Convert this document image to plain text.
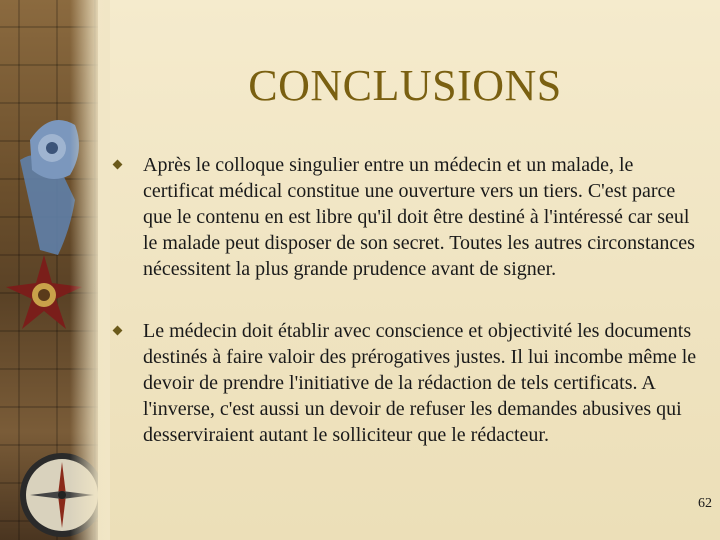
CONCLUSIONS
Après le colloque singulier entre un médecin et un malade, le certificat médical constitue une ouverture vers un tiers. C'est parce que le contenu en est libre qu'il doit être destiné à l'intéressé car seul le malade peut disposer de son secret. Toutes les autres circonstances nécessitent la plus grande prudence avant de signer.
Le médecin doit établir avec conscience et objectivité les documents destinés à faire valoir des prérogatives justes. Il lui incombe même le devoir de prendre l'initiative de la rédaction de tels certificats. A l'inverse, c'est aussi un devoir de refuser les demandes abusives qui desserviraient autant le solliciteur que le rédacteur.
62
